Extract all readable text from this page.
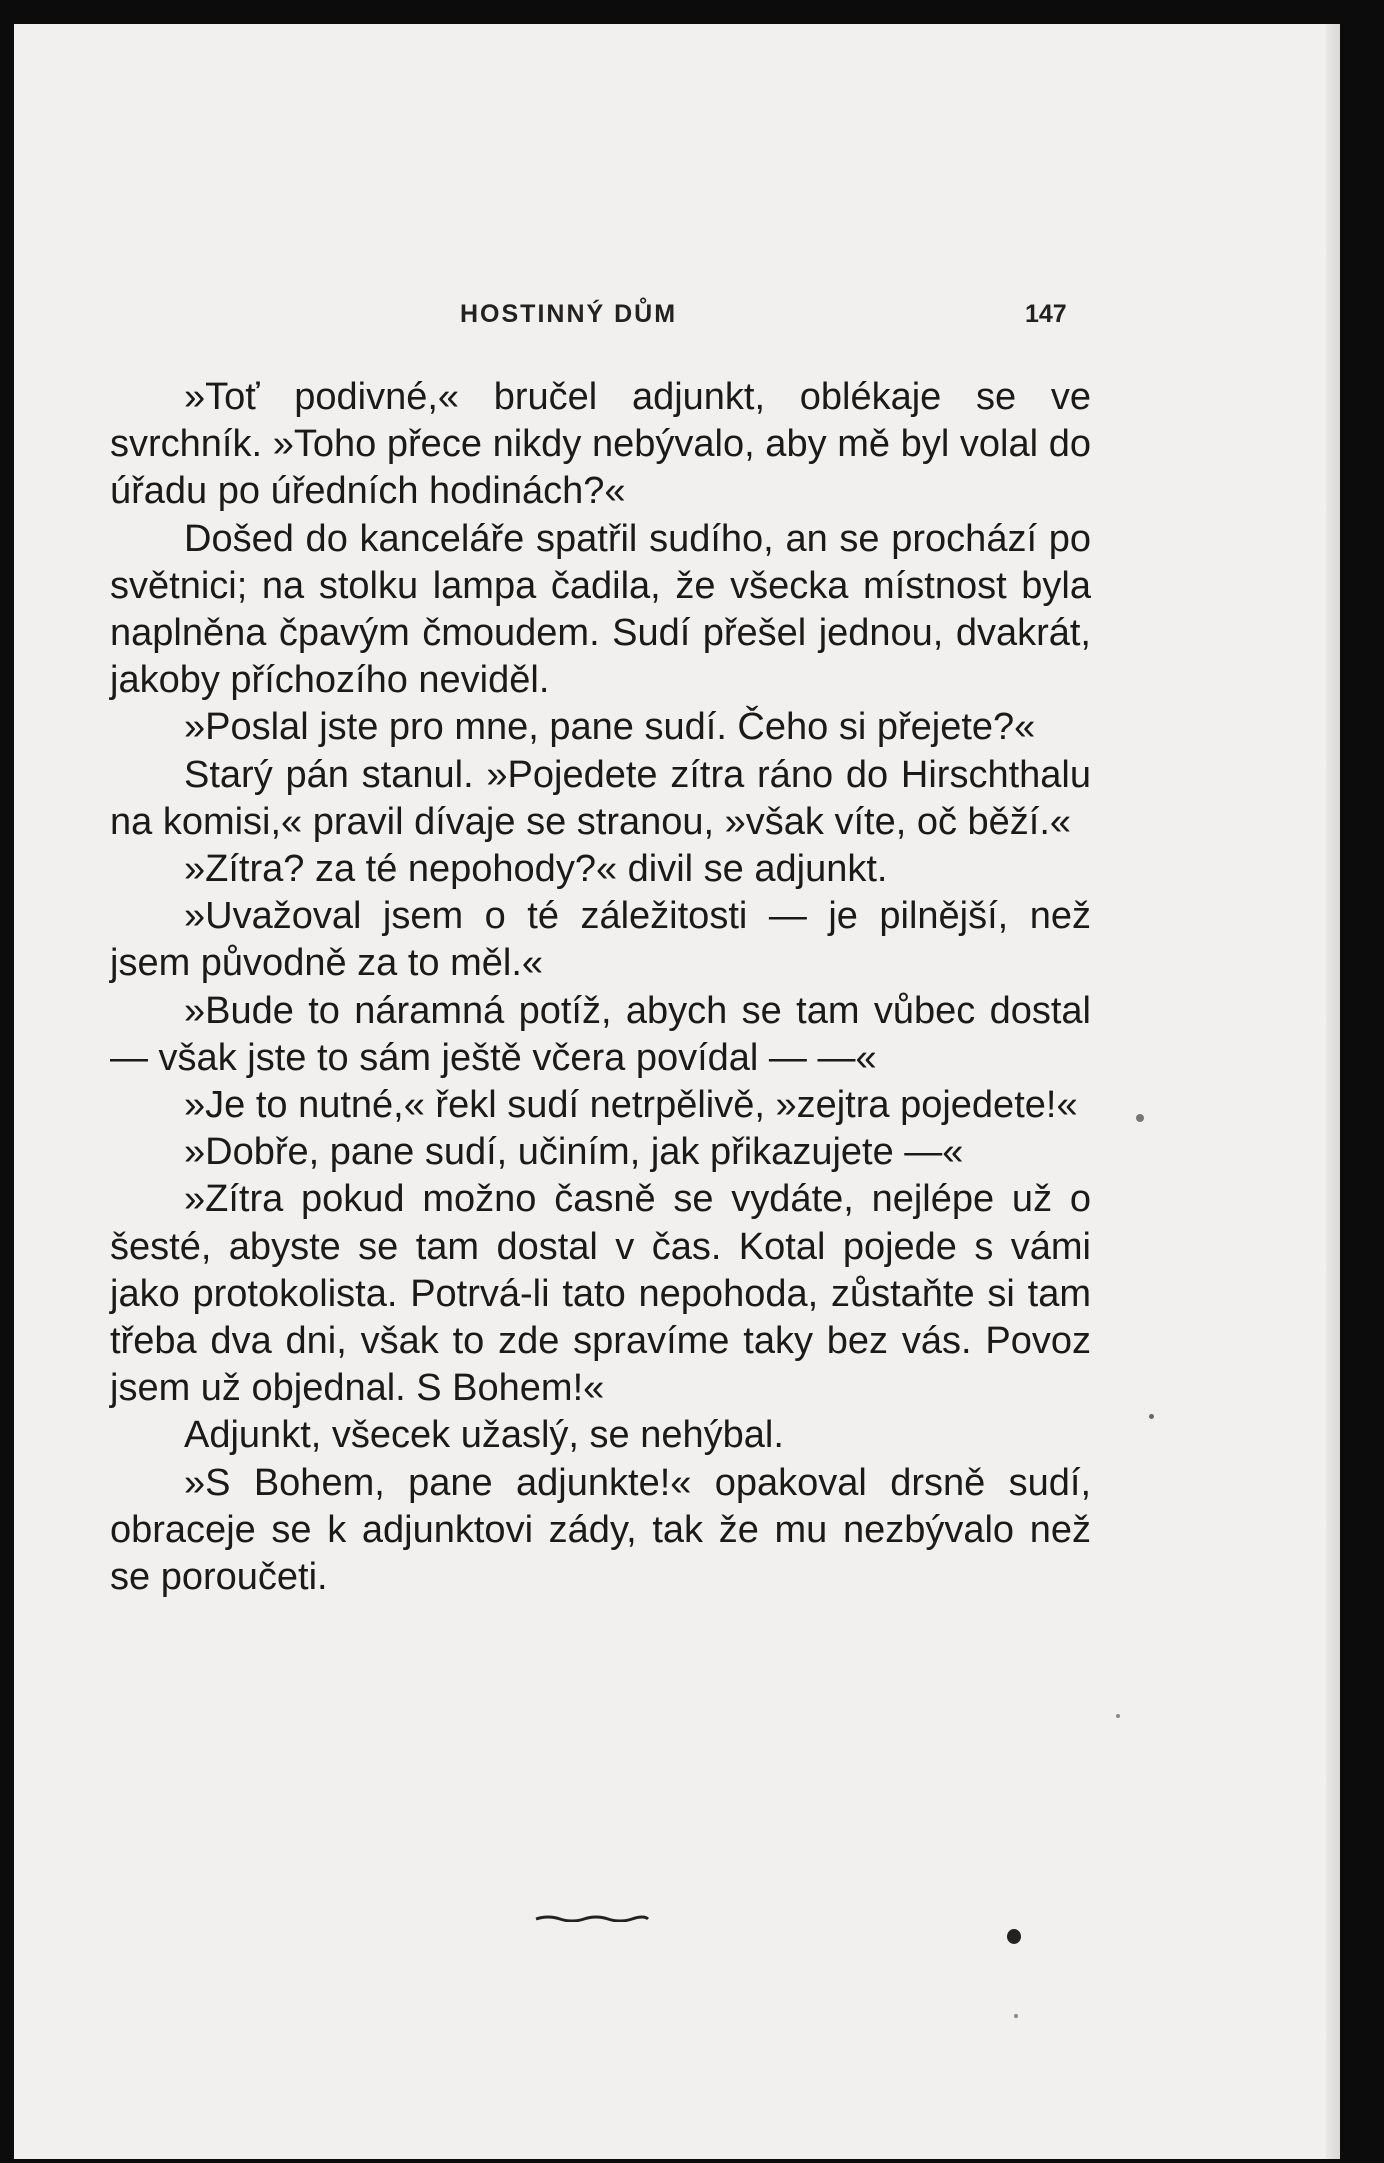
HOSTINNÝ DŮM	147

»Toť podivné,« bručel adjunkt, oblékaje se ve svrchník. »Toho přece nikdy nebývalo, aby mě byl volal do úřadu po úředních hodinách?«

Došed do kanceláře spatřil sudího, an se prochází po světnici; na stolku lampa čadila, že všecka místnost byla naplněna čpavým čmoudem. Sudí přešel jednou, dvakrát, jakoby příchozího neviděl.

»Poslal jste pro mne, pane sudí. Čeho si přejete?«

Starý pán stanul. »Pojedete zítra ráno do Hirschthalu na komisi,« pravil dívaje se stranou, »však víte, oč běží.«

»Zítra? za té nepohody?« divil se adjunkt.

»Uvažoval jsem o té záležitosti — je pilnější, než jsem původně za to měl.«

»Bude to náramná potíž, abych se tam vůbec dostal — však jste to sám ještě včera povídal — —«

»Je to nutné,« řekl sudí netrpělivě, »zejtra pojedete!«

»Dobře, pane sudí, učiním, jak přikazujete —«

»Zítra pokud možno časně se vydáte, nejlépe už o šesté, abyste se tam dostal v čas. Kotal pojede s vámi jako protokolista. Potrvá-li tato nepohoda, zůstaňte si tam třeba dva dni, však to zde spravíme taky bez vás. Povoz jsem už objednal. S Bohem!«

Adjunkt, všecek užaslý, se nehýbal.

»S Bohem, pane adjunkte!« opakoval drsně sudí, obraceje se k adjunktovi zády, tak že mu nezbývalo než se poroučeti.
